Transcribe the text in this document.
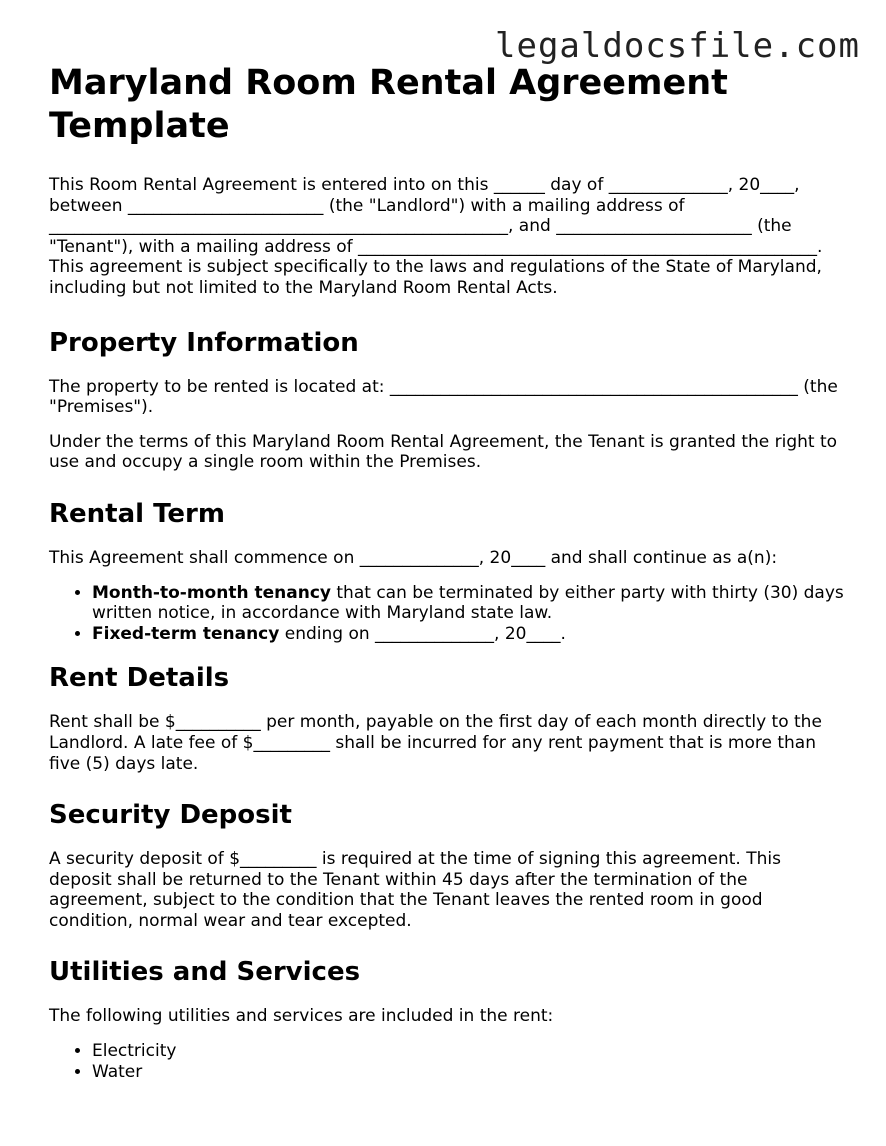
legaldocsfile.com
Maryland Room Rental Agreement Template

This Room Rental Agreement is entered into on this ______ day of ______________, 20____, between _______________________ (the "Landlord") with a mailing address of ______________________________________________________, and _______________________ (the "Tenant"), with a mailing address of ______________________________________________________. This agreement is subject specifically to the laws and regulations of the State of Maryland, including but not limited to the Maryland Room Rental Acts.

Property Information

The property to be rented is located at: ________________________________________________ (the "Premises").

Under the terms of this Maryland Room Rental Agreement, the Tenant is granted the right to use and occupy a single room within the Premises.

Rental Term

This Agreement shall commence on ______________, 20____ and shall continue as a(n):

• Month-to-month tenancy that can be terminated by either party with thirty (30) days written notice, in accordance with Maryland state law.
• Fixed-term tenancy ending on ______________, 20____.
Rent Details

Rent shall be $__________ per month, payable on the first day of each month directly to the Landlord. A late fee of $_________ shall be incurred for any rent payment that is more than five (5) days late.

Security Deposit

A security deposit of $_________ is required at the time of signing this agreement. This deposit shall be returned to the Tenant within 45 days after the termination of the agreement, subject to the condition that the Tenant leaves the rented room in good condition, normal wear and tear excepted.

Utilities and Services

The following utilities and services are included in the rent:

• Electricity
• Water
